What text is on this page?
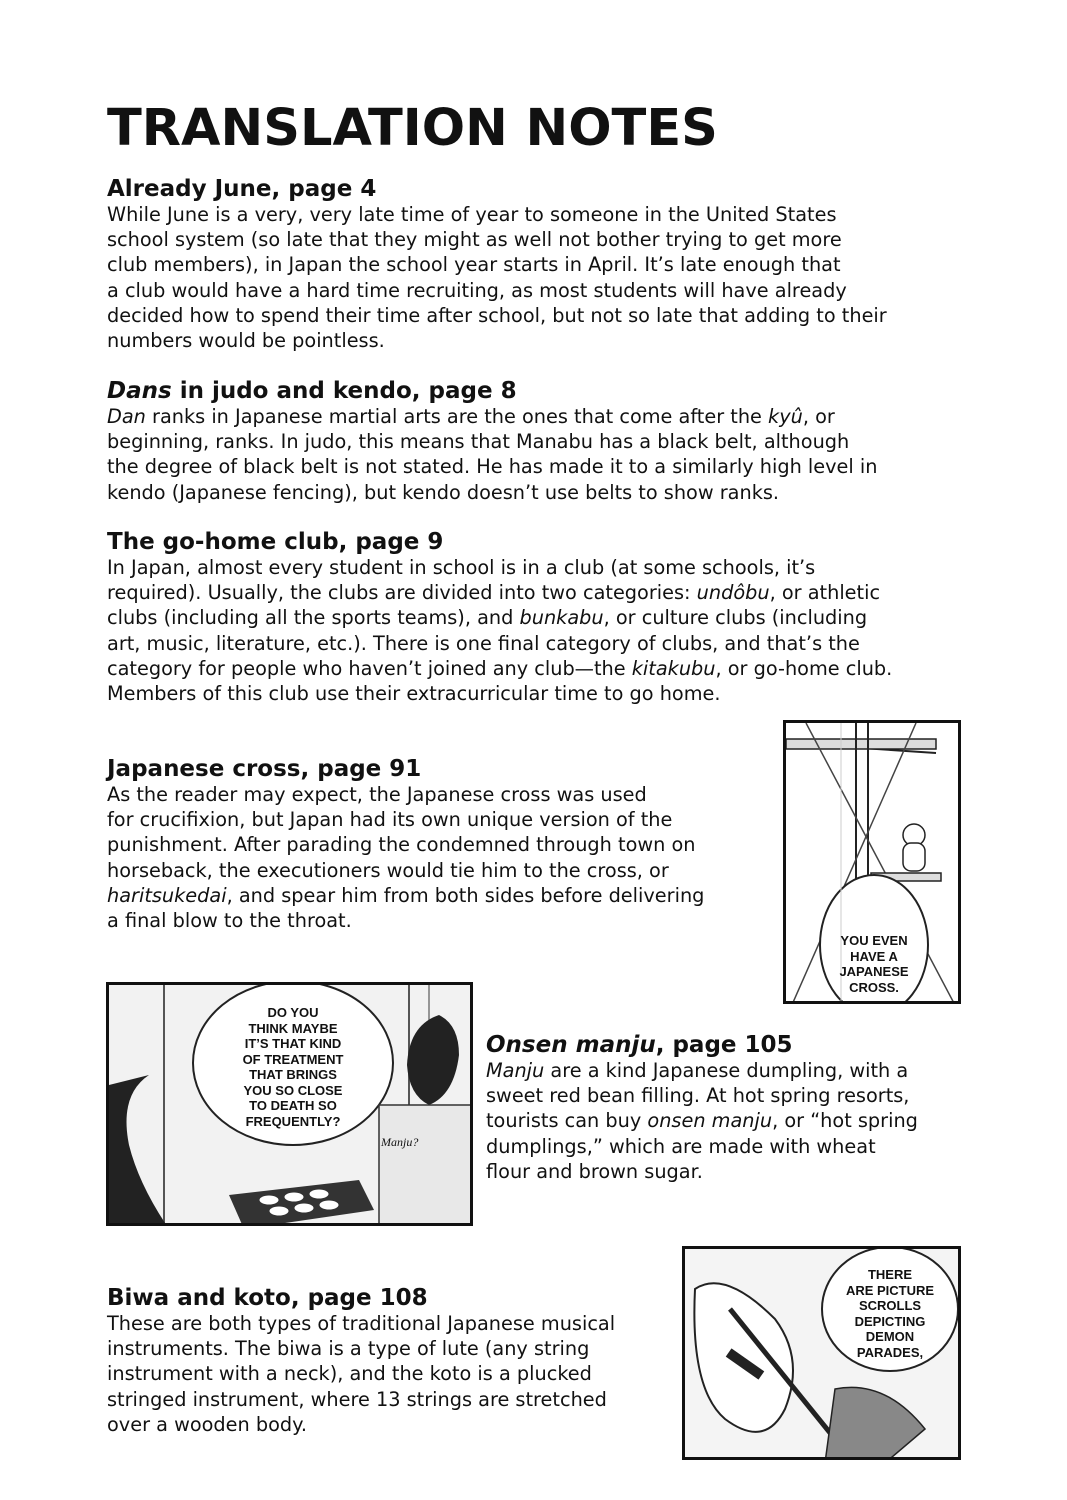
TRANSLATION NOTES
Already June, page 4

While June is a very, very late time of year to someone in the United States

school system (so late that they might as well not bother trying to get more

club members), in Japan the school year starts in April. It’s late enough that

a club would have a hard time recruiting, as most students will have already

decided how to spend their time after school, but not so late that adding to their

numbers would be pointless.

Dans in judo and kendo, page 8

Dan ranks in Japanese martial arts are the ones that come after the kyû, or

beginning, ranks. In judo, this means that Manabu has a black belt, although

the degree of black belt is not stated. He has made it to a similarly high level in

kendo (Japanese fencing), but kendo doesn’t use belts to show ranks.

The go-home club, page 9

In Japan, almost every student in school is in a club (at some schools, it’s

required). Usually, the clubs are divided into two categories: undôbu, or athletic

clubs (including all the sports teams), and bunkabu, or culture clubs (including

art, music, literature, etc.). There is one final category of clubs, and that’s the

category for people who haven’t joined any club—the kitakubu, or go-home club.

Members of this club use their extracurricular time to go home.

Japanese cross, page 91

As the reader may expect, the Japanese cross was used

for crucifixion, but Japan had its own unique version of the

punishment. After parading the condemned through town on

horseback, the executioners would tie him to the cross, or

haritsukedai, and spear him from both sides before delivering

a final blow to the throat.

Onsen manju, page 105

Manju are a kind Japanese dumpling, with a

sweet red bean filling. At hot spring resorts,

tourists can buy onsen manju, or “hot spring

dumplings,” which are made with wheat

flour and brown sugar.

Biwa and koto, page 108

These are both types of traditional Japanese musical

instruments. The biwa is a type of lute (any string

instrument with a neck), and the koto is a plucked

stringed instrument, where 13 strings are stretched

over a wooden body.

YOU EVEN
HAVE A
JAPANESE
CROSS.
DO YOU
THINK MAYBE
IT’S THAT KIND
OF TREATMENT
THAT BRINGS
YOU SO CLOSE
TO DEATH SO
FREQUENTLY?
Manju?
THERE
ARE PICTURE
SCROLLS
DEPICTING
DEMON
PARADES,
